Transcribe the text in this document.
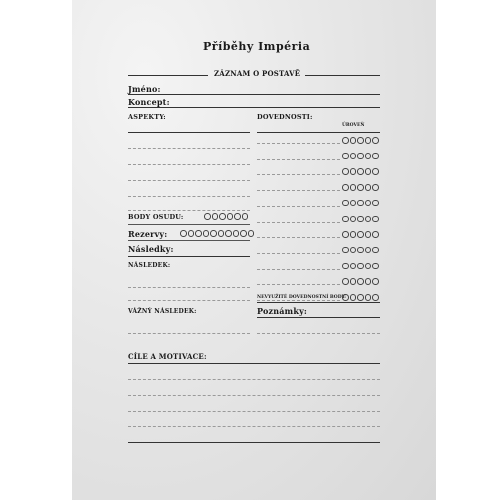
Příběhy Impéria
ZÁZNAM O POSTAVĚ
Jméno:
Koncept:
ASPEKTY:
BODY OSUDU:
Rezervy:
Následky:
NÁSLEDEK:
VÁŽNÝ NÁSLEDEK:
DOVEDNOSTI:
ÚROVEŇ
NEVYUŽITÉ DOVEDNOSTNÍ BODY:
Poznámky:
CÍLE A MOTIVACE:
